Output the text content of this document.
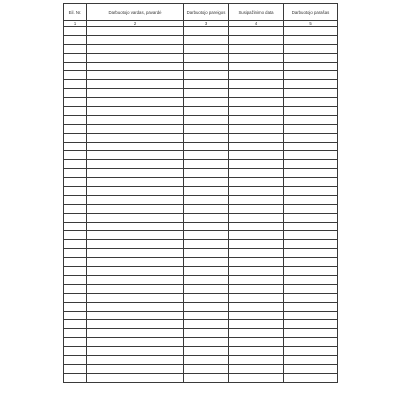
Eil. Nr.	Darbuotojo vardas, pavardė	Darbuotojo pareigos	Susipažinimo data	Darbuotojo parašas
1	2	3	4	5
